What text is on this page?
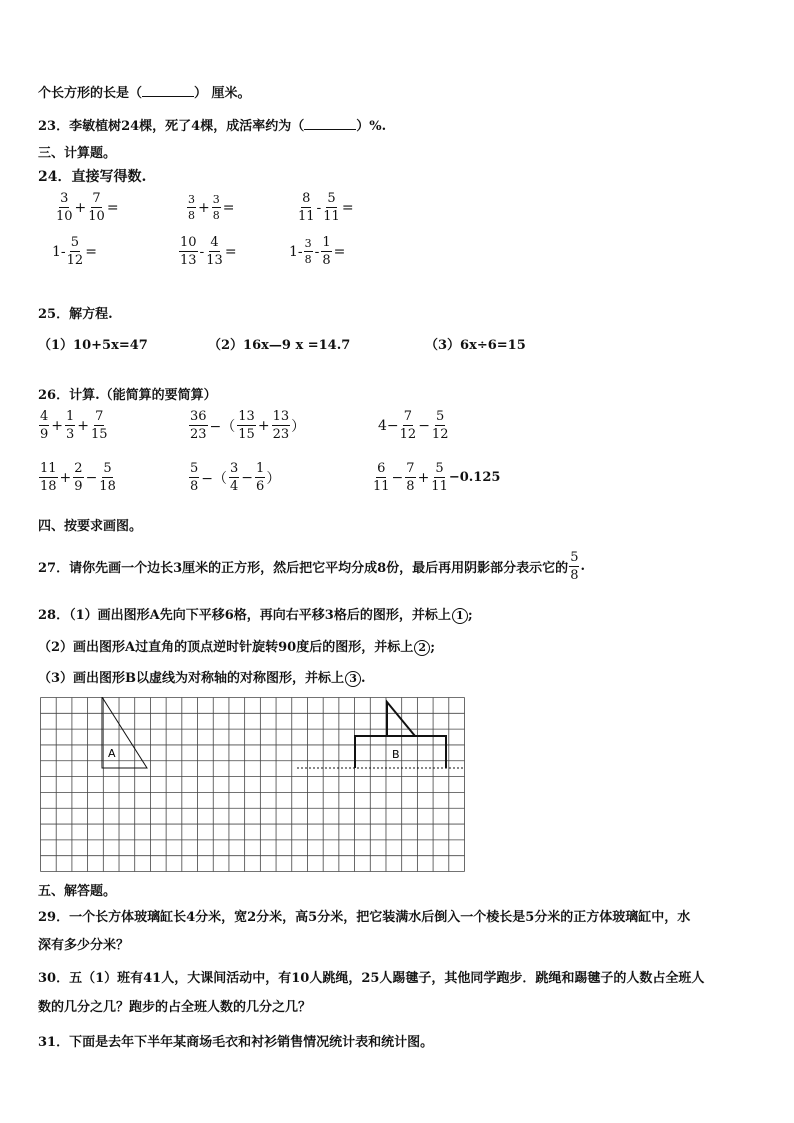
个长方形的长是（	） 厘米。
23．李敏植树24棵，死了4棵，成活率约为（	）%.
三、计算题。
24．直接写得数.
$\frac{3}{10} + \frac{7}{10}$ =	$\frac{3}{8} + \frac{3}{8}$ =	$\frac{8}{11} - \frac{5}{11}$ =
$1- \frac{5}{12}$ =	$\frac{10}{13} - \frac{4}{13}$ =	$1- \frac{3}{8} - \frac{1}{8}$ =
25．解方程.
（1）10+5x=47	（2）16x—9 x =14.7	（3）6x÷6=15
26．计算.（能简算的要简算）
$\frac{4}{9} + \frac{1}{3} + \frac{7}{15}$	$\frac{36}{23}$ −（ $\frac{13}{15} + \frac{13}{23}$ ）	$4- \frac{7}{12} - \frac{5}{12}$
$\frac{11}{18} + \frac{2}{9} - \frac{5}{18}$	$\frac{5}{8}$ −（ $\frac{3}{4} - \frac{1}{6}$ ）	$\frac{6}{11} - \frac{7}{8} + \frac{5}{11} -0.125$
四、按要求画图。
27．请你先画一个边长3厘米的正方形，然后把它平均分成8份，最后再用阴影部分表示它的 $\frac{5}{8}$ .
28．（1）画出图形A先向下平移6格，再向右平移3格后的图形，并标上 1 ;
（2）画出图形A过直角的顶点逆时针旋转90度后的图形，并标上 2 ;
（3）画出图形B以虚线为对称轴的对称图形，并标上 3 .
A	B
五、解答题。
29．一个长方体玻璃缸长4分米，宽2分米，高5分米，把它装满水后倒入一个棱长是5分米的正方体玻璃缸中，水
深有多少分米？
30．五（1）班有41人，大课间活动中，有10人跳绳，25人踢毽子，其他同学跑步．跳绳和踢毽子的人数占全班人
数的几分之几？跑步的占全班人数的几分之几？
31．下面是去年下半年某商场毛衣和衬衫销售情况统计表和统计图。
